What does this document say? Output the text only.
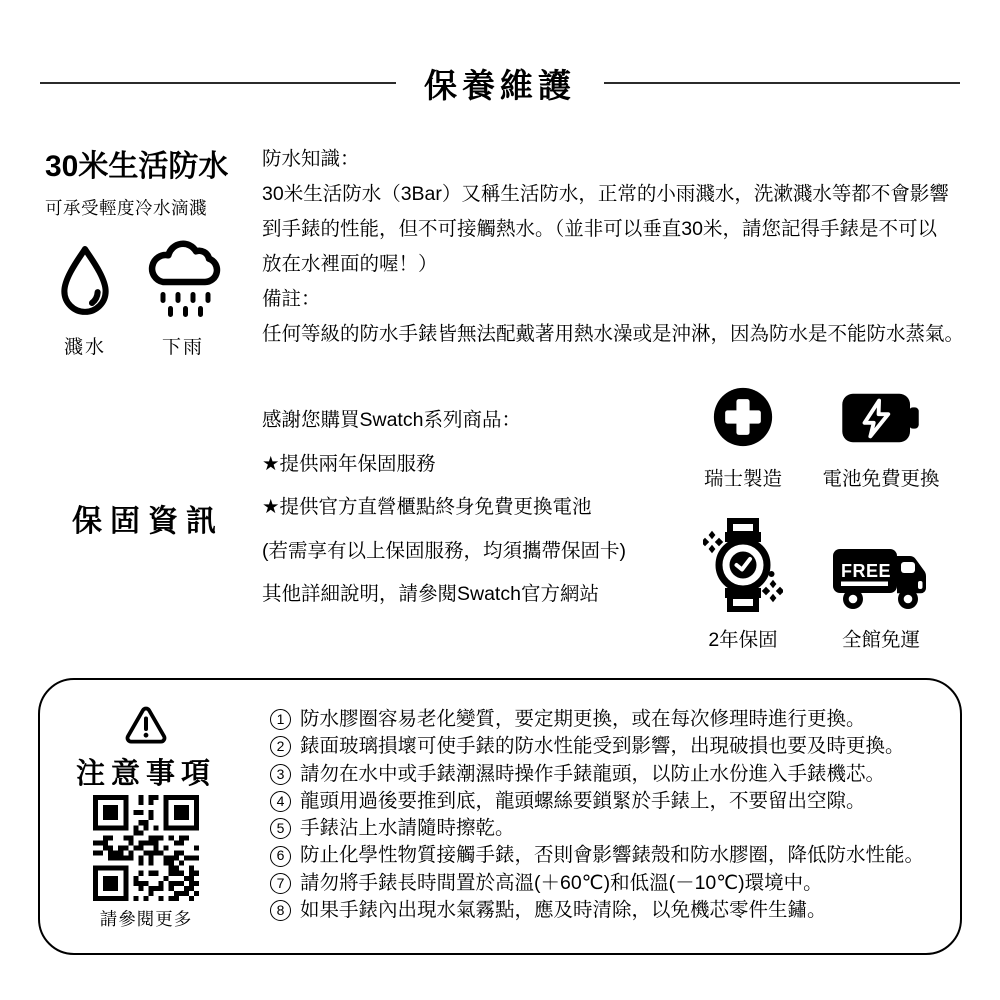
保養維護
30米生活防水
可承受輕度冷水滴濺
濺水	下雨
防水知識：
30米生活防水（3Bar）又稱生活防水，正常的小雨濺水，洗漱濺水等都不會影響
到手錶的性能，但不可接觸熱水。（並非可以垂直30米，請您記得手錶是不可以
放在水裡面的喔！）
備註：
任何等級的防水手錶皆無法配戴著用熱水澡或是沖淋，因為防水是不能防水蒸氣。
保固資訊
感謝您購買Swatch系列商品：
★提供兩年保固服務
★提供官方直營櫃點終身免費更換電池
(若需享有以上保固服務，均須攜帶保固卡)
其他詳細說明，請參閱Swatch官方網站
瑞士製造 電池免費更換
2年保固
FREE
全館免運
注意事項
請參閱更多
1 防水膠圈容易老化變質，要定期更換，或在每次修理時進行更換。
2 錶面玻璃損壞可使手錶的防水性能受到影響，出現破損也要及時更換。
3 請勿在水中或手錶潮濕時操作手錶龍頭，以防止水份進入手錶機芯。
4 龍頭用過後要推到底，龍頭螺絲要鎖緊於手錶上，不要留出空隙。
5 手錶沾上水請隨時擦乾。
6 防止化學性物質接觸手錶，否則會影響錶殼和防水膠圈，降低防水性能。
7 請勿將手錶長時間置於高溫(＋60℃)和低溫(－10℃)環境中。
8 如果手錶內出現水氣霧點，應及時清除，以免機芯零件生鏽。
